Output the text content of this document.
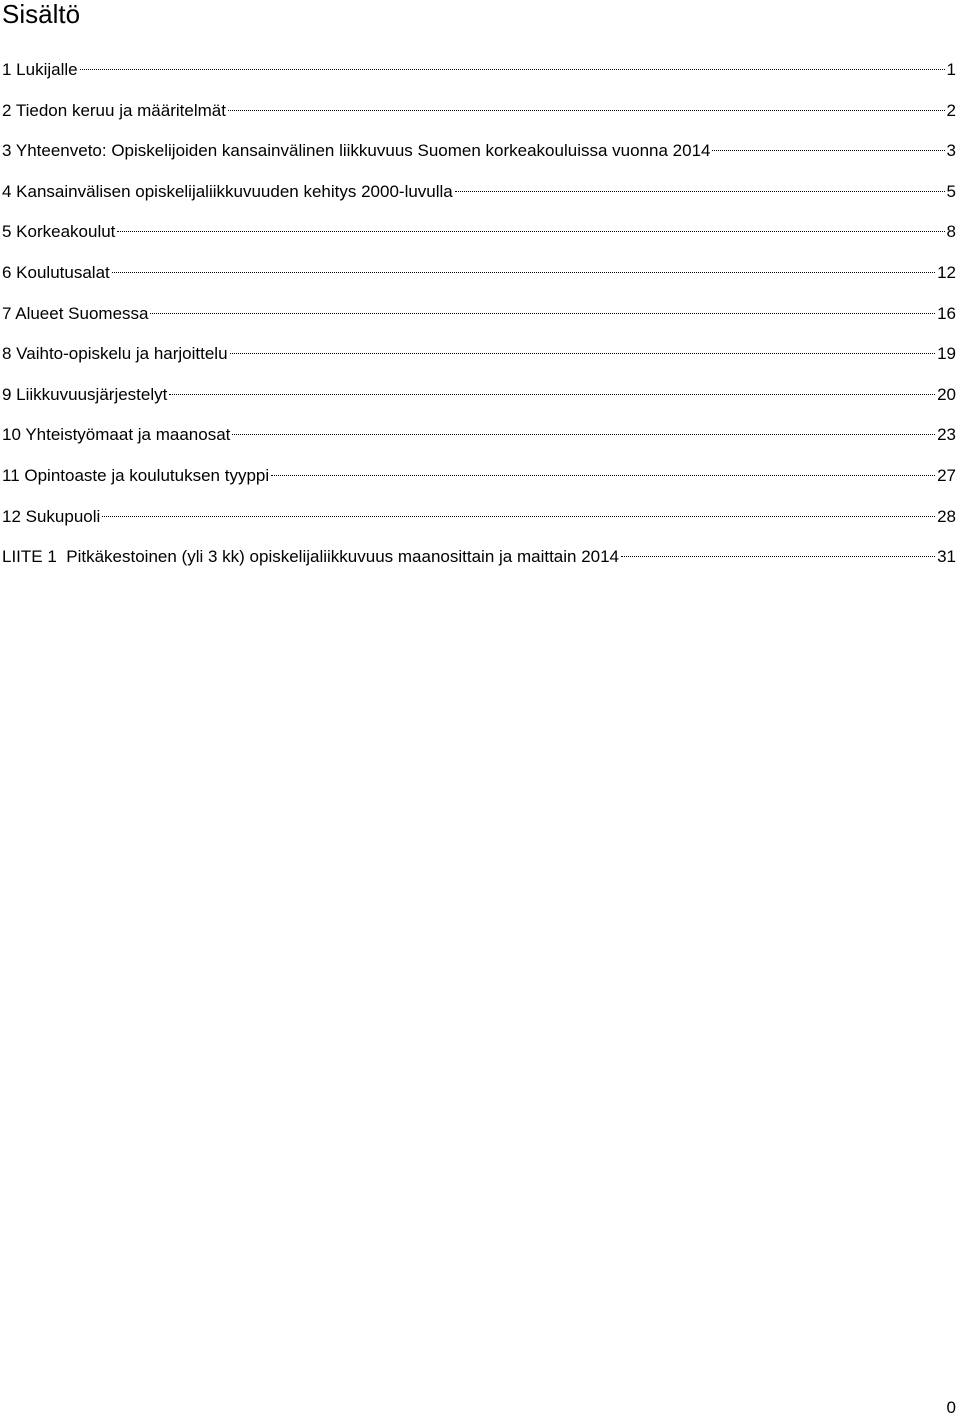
Sisältö
1 Lukijalle	1
2 Tiedon keruu ja määritelmät	2
3 Yhteenveto: Opiskelijoiden kansainvälinen liikkuvuus Suomen korkeakouluissa vuonna 2014	3
4 Kansainvälisen opiskelijaliikkuvuuden kehitys 2000-luvulla	5
5 Korkeakoulut	8
6 Koulutusalat	12
7 Alueet Suomessa	16
8 Vaihto-opiskelu ja harjoittelu	19
9 Liikkuvuusjärjestelyt	20
10 Yhteistyömaat ja maanosat	23
11 Opintoaste ja koulutuksen tyyppi	27
12 Sukupuoli	28
LIITE 1  Pitkäkestoinen (yli 3 kk) opiskelijaliikkuvuus maanosittain ja maittain 2014	31
0
